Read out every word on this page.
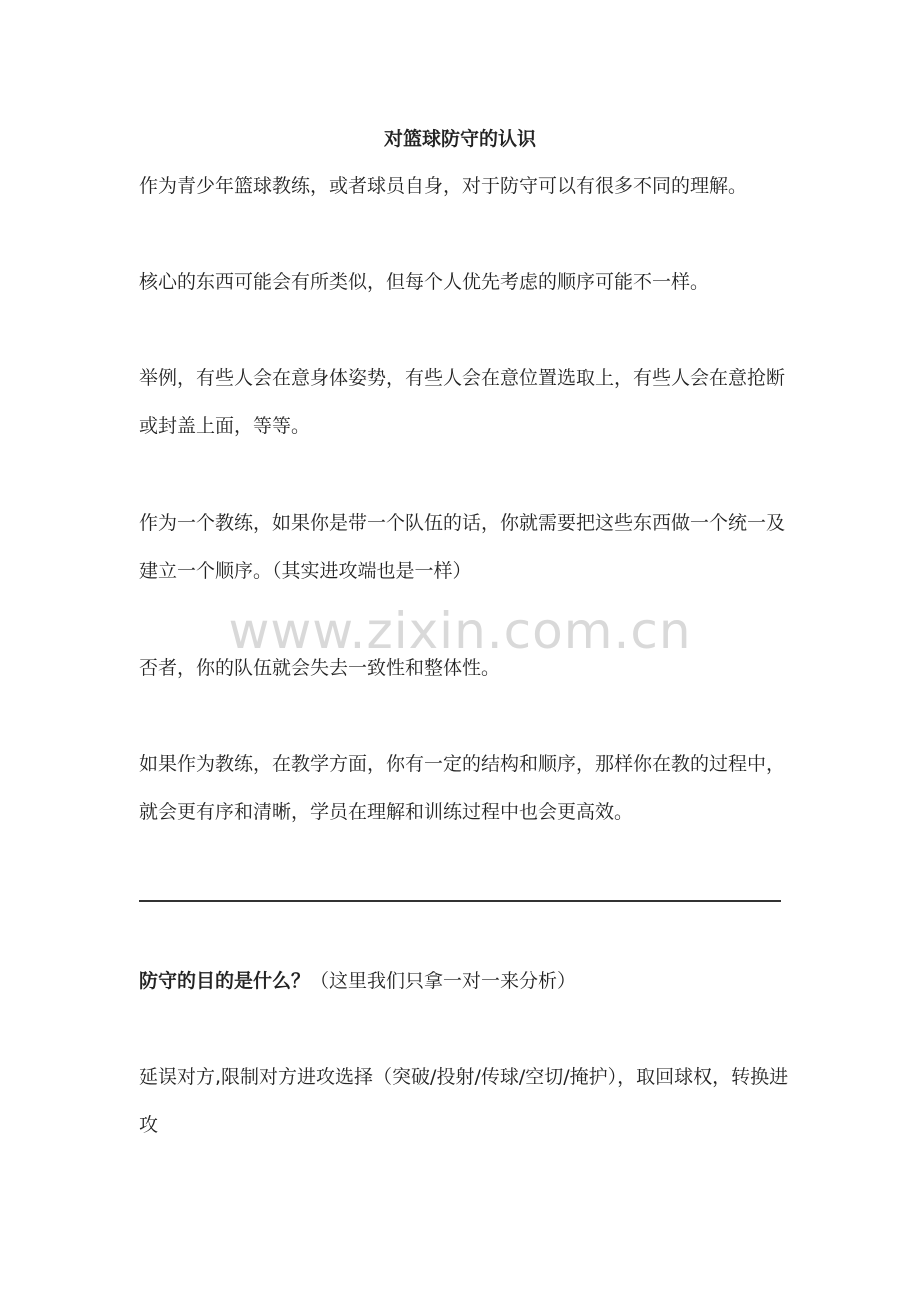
对篮球防守的认识

作为青少年篮球教练，或者球员自身，对于防守可以有很多不同的理解。

核心的东西可能会有所类似，但每个人优先考虑的顺序可能不一样。

举例，有些人会在意身体姿势，有些人会在意位置选取上，有些人会在意抢断或封盖上面，等等。

作为一个教练，如果你是带一个队伍的话，你就需要把这些东西做一个统一及建立一个顺序。（其实进攻端也是一样）

www.zixin.com.cn

否者，你的队伍就会失去一致性和整体性。

如果作为教练，在教学方面，你有一定的结构和顺序，那样你在教的过程中，就会更有序和清晰，学员在理解和训练过程中也会更高效。

防守的目的是什么？（这里我们只拿一对一来分析）

延误对方,限制对方进攻选择（突破/投射/传球/空切/掩护），取回球权，转换进攻
